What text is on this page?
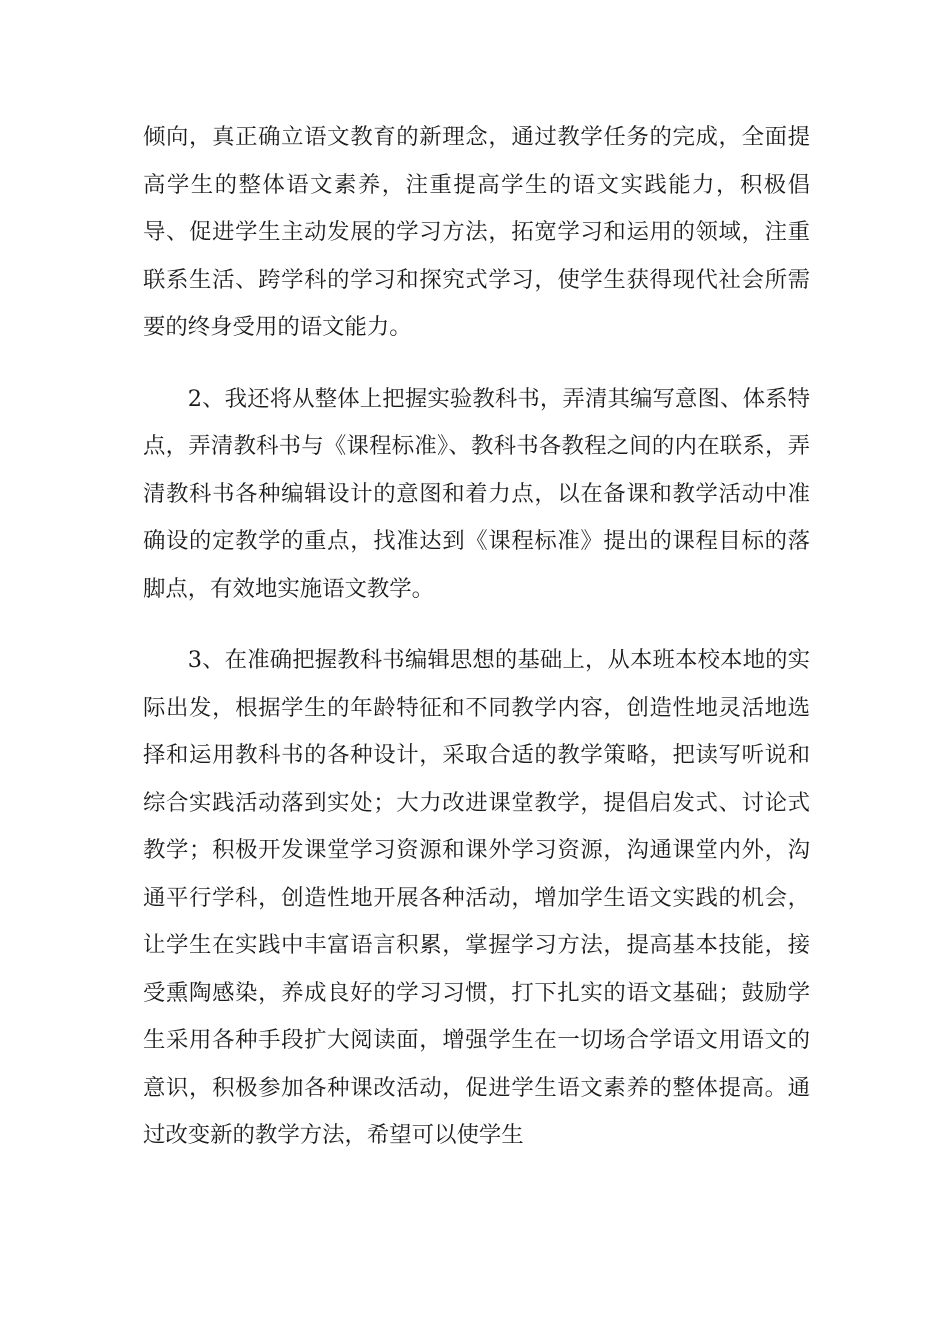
倾向，真正确立语文教育的新理念，通过教学任务的完成，全面提高学生的整体语文素养，注重提高学生的语文实践能力，积极倡导、促进学生主动发展的学习方法，拓宽学习和运用的领域，注重联系生活、跨学科的学习和探究式学习，使学生获得现代社会所需要的终身受用的语文能力。

2、我还将从整体上把握实验教科书，弄清其编写意图、体系特点，弄清教科书与《课程标准》、教科书各教程之间的内在联系，弄清教科书各种编辑设计的意图和着力点，以在备课和教学活动中准确设的定教学的重点，找准达到《课程标准》提出的课程目标的落脚点，有效地实施语文教学。

3、在准确把握教科书编辑思想的基础上，从本班本校本地的实际出发，根据学生的年龄特征和不同教学内容，创造性地灵活地选择和运用教科书的各种设计，采取合适的教学策略，把读写听说和综合实践活动落到实处；大力改进课堂教学，提倡启发式、讨论式教学；积极开发课堂学习资源和课外学习资源，沟通课堂内外，沟通平行学科，创造性地开展各种活动，增加学生语文实践的机会，让学生在实践中丰富语言积累，掌握学习方法，提高基本技能，接受熏陶感染，养成良好的学习习惯，打下扎实的语文基础；鼓励学生采用各种手段扩大阅读面，增强学生在一切场合学语文用语文的意识，积极参加各种课改活动，促进学生语文素养的整体提高。通过改变新的教学方法，希望可以使学生
